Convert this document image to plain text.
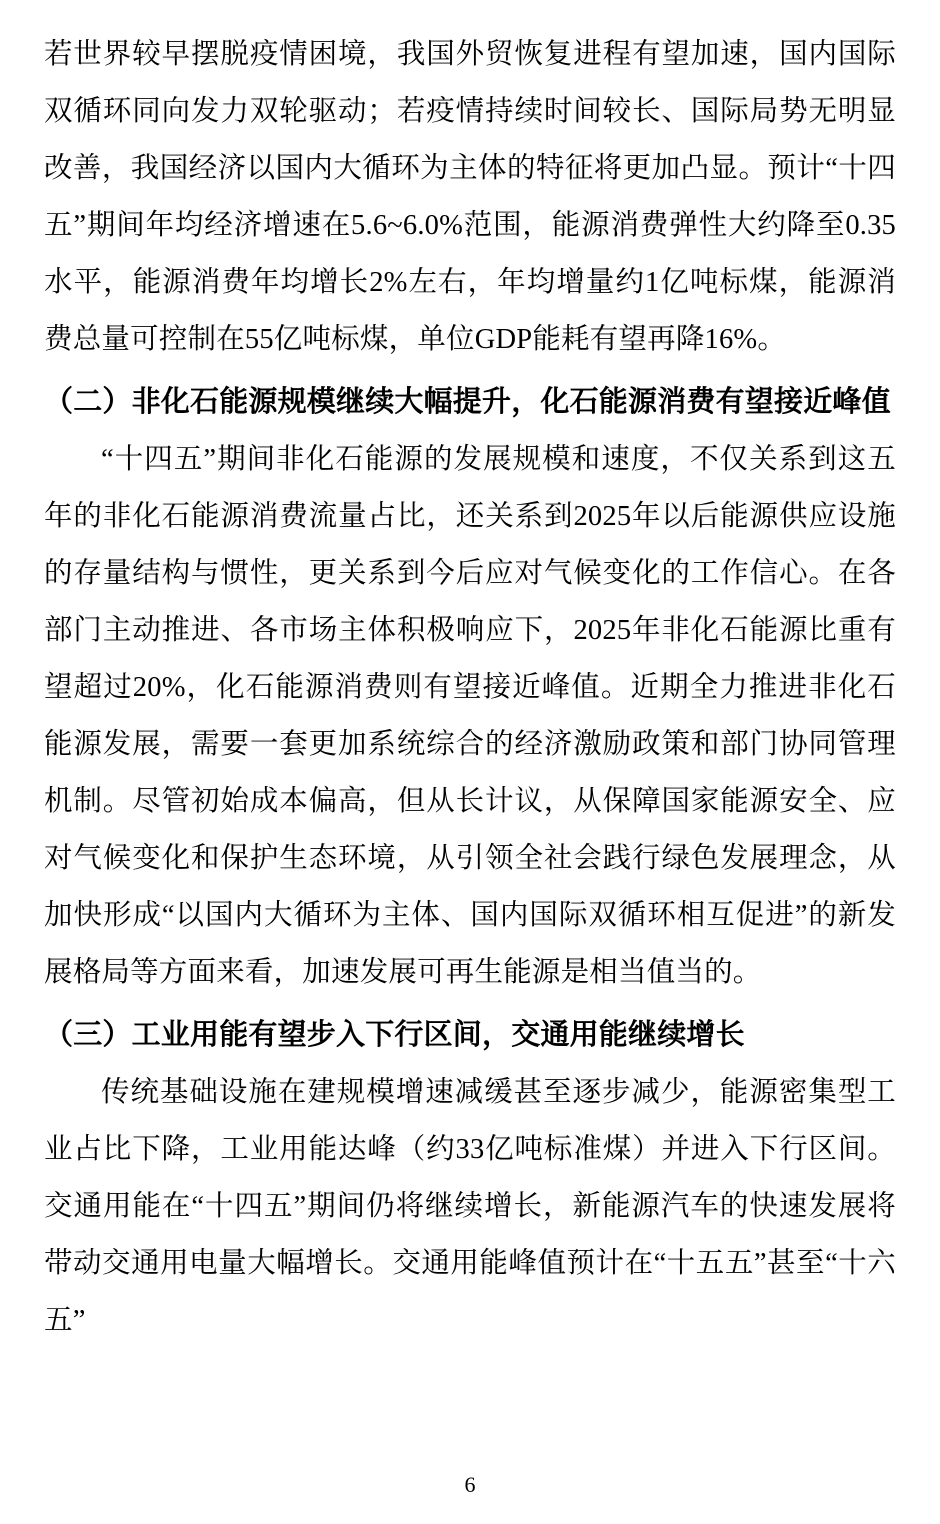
若世界较早摆脱疫情困境，我国外贸恢复进程有望加速，国内国际双循环同向发力双轮驱动；若疫情持续时间较长、国际局势无明显改善，我国经济以国内大循环为主体的特征将更加凸显。预计“十四五”期间年均经济增速在5.6~6.0%范围，能源消费弹性大约降至0.35水平，能源消费年均增长2%左右，年均增量约1亿吨标煤，能源消费总量可控制在55亿吨标煤，单位GDP能耗有望再降16%。

（二）非化石能源规模继续大幅提升，化石能源消费有望接近峰值

“十四五”期间非化石能源的发展规模和速度，不仅关系到这五年的非化石能源消费流量占比，还关系到2025年以后能源供应设施的存量结构与惯性，更关系到今后应对气候变化的工作信心。在各部门主动推进、各市场主体积极响应下，2025年非化石能源比重有望超过20%，化石能源消费则有望接近峰值。近期全力推进非化石能源发展，需要一套更加系统综合的经济激励政策和部门协同管理机制。尽管初始成本偏高，但从长计议，从保障国家能源安全、应对气候变化和保护生态环境，从引领全社会践行绿色发展理念，从加快形成“以国内大循环为主体、国内国际双循环相互促进”的新发展格局等方面来看，加速发展可再生能源是相当值当的。

（三）工业用能有望步入下行区间，交通用能继续增长

传统基础设施在建规模增速减缓甚至逐步减少，能源密集型工业占比下降，工业用能达峰（约33亿吨标准煤）并进入下行区间。交通用能在“十四五”期间仍将继续增长，新能源汽车的快速发展将带动交通用电量大幅增长。交通用能峰值预计在“十五五”甚至“十六五”

6
